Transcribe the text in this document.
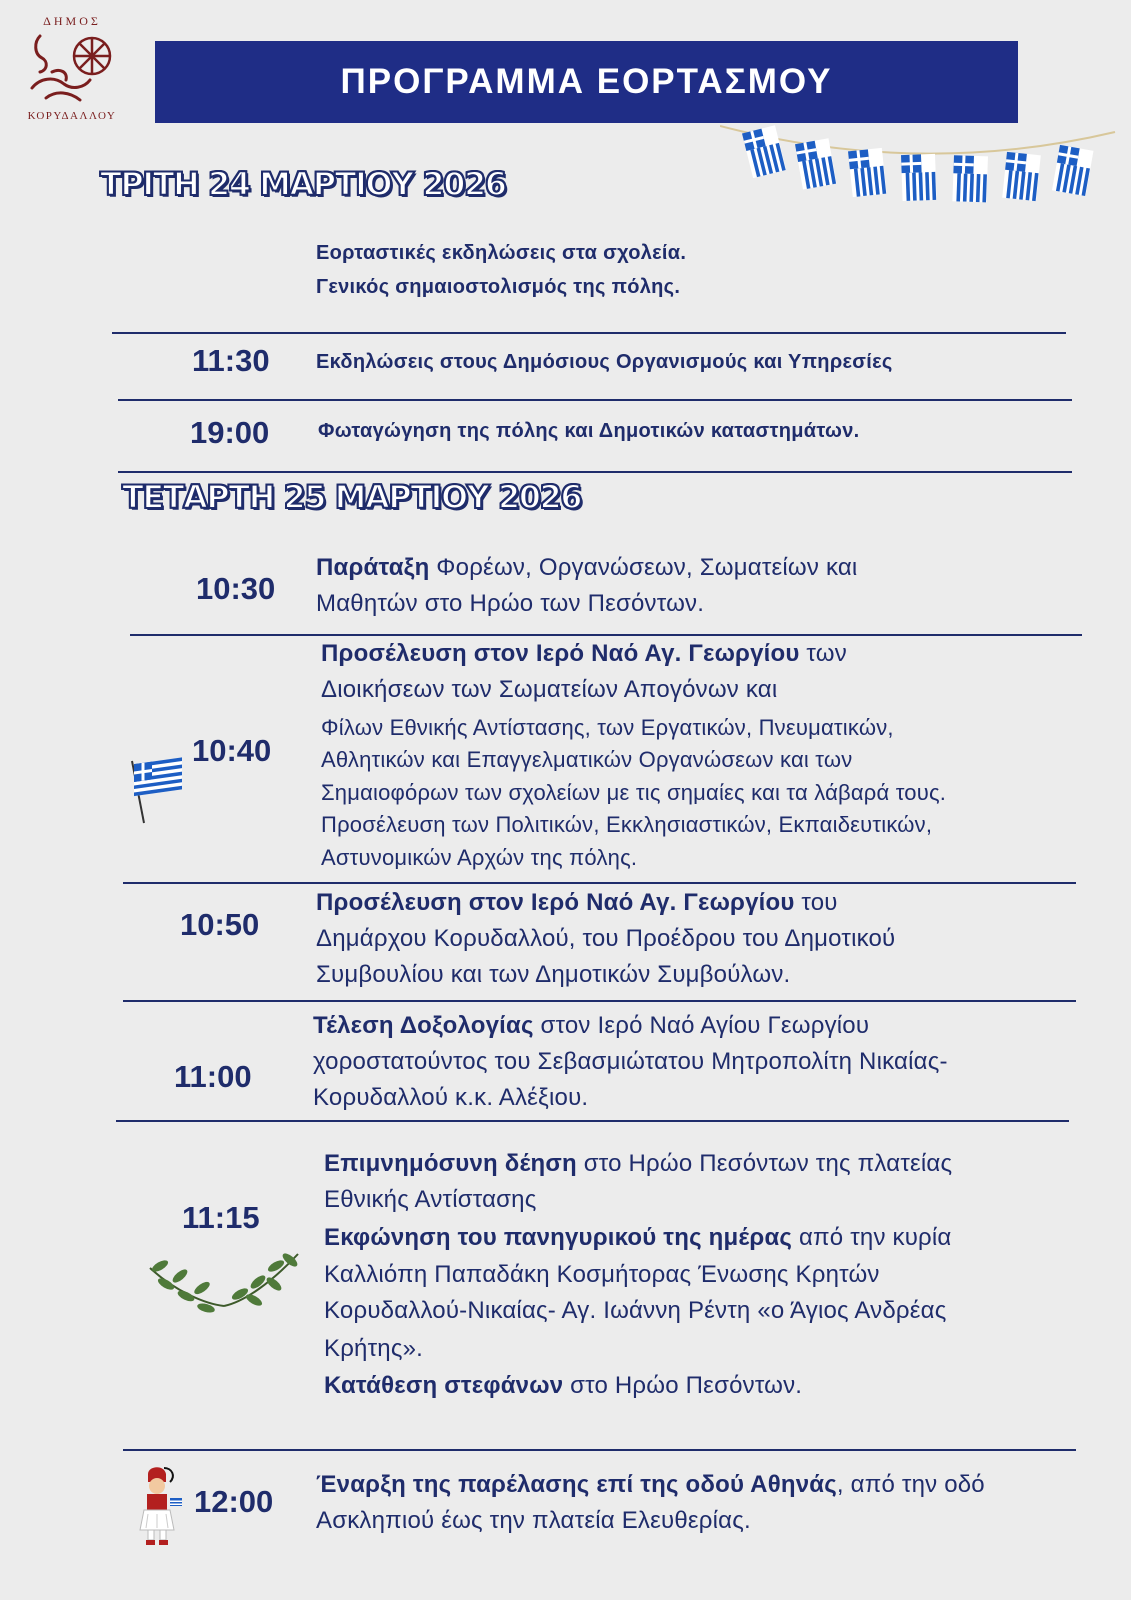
ΔΗΜΟΣ
ΚΟΡΥΔΑΛΛΟΥ
ΠΡΟΓΡΑΜΜΑ ΕΟΡΤΑΣΜΟΥ
ΤΡΙΤΗ 24 ΜΑΡΤΙΟΥ 2026
Εορταστικές εκδηλώσεις στα σχολεία.
Γενικός σημαιοστολισμός της πόλης.
11:30 Εκδηλώσεις στους Δημόσιους Οργανισμούς και Υπηρεσίες
19:00 Φωταγώγηση της πόλης και Δημοτικών καταστημάτων.
ΤΕΤΑΡΤΗ 25 ΜΑΡΤΙΟΥ 2026
10:30
Παράταξη Φορέων, Οργανώσεων, Σωματείων και
Μαθητών στο Ηρώο των Πεσόντων.
10:40
Προσέλευση στον Ιερό Ναό Αγ. Γεωργίου των
Διοικήσεων των Σωματείων Απογόνων και
Φίλων Εθνικής Αντίστασης, των Εργατικών, Πνευματικών,
Αθλητικών και Επαγγελματικών Οργανώσεων και των
Σημαιοφόρων των σχολείων με τις σημαίες και τα λάβαρά τους.
Προσέλευση των Πολιτικών, Εκκλησιαστικών, Εκπαιδευτικών,
Αστυνομικών Αρχών της πόλης.
10:50
Προσέλευση στον Ιερό Ναό Αγ. Γεωργίου του
Δημάρχου Κορυδαλλού, του Προέδρου του Δημοτικού
Συμβουλίου και των Δημοτικών Συμβούλων.
11:00
Τέλεση Δοξολογίας στον Ιερό Ναό Αγίου Γεωργίου
χοροστατούντος του Σεβασμιώτατου Μητροπολίτη Νικαίας-
Κορυδαλλού κ.κ. Αλέξιου.
11:15
Επιμνημόσυνη δέηση στο Ηρώο Πεσόντων της πλατείας
Εθνικής Αντίστασης
Εκφώνηση του πανηγυρικού της ημέρας από την κυρία
Καλλιόπη Παπαδάκη Κοσμήτορας Ένωσης Κρητών
Κορυδαλλού-Νικαίας- Αγ. Ιωάννη Ρέντη «ο Άγιος Ανδρέας
Κρήτης».
Κατάθεση στεφάνων στο Ηρώο Πεσόντων.
12:00 Έναρξη της παρέλασης επί της οδού Αθηνάς, από την οδό
Ασκληπιού έως την πλατεία Ελευθερίας.
